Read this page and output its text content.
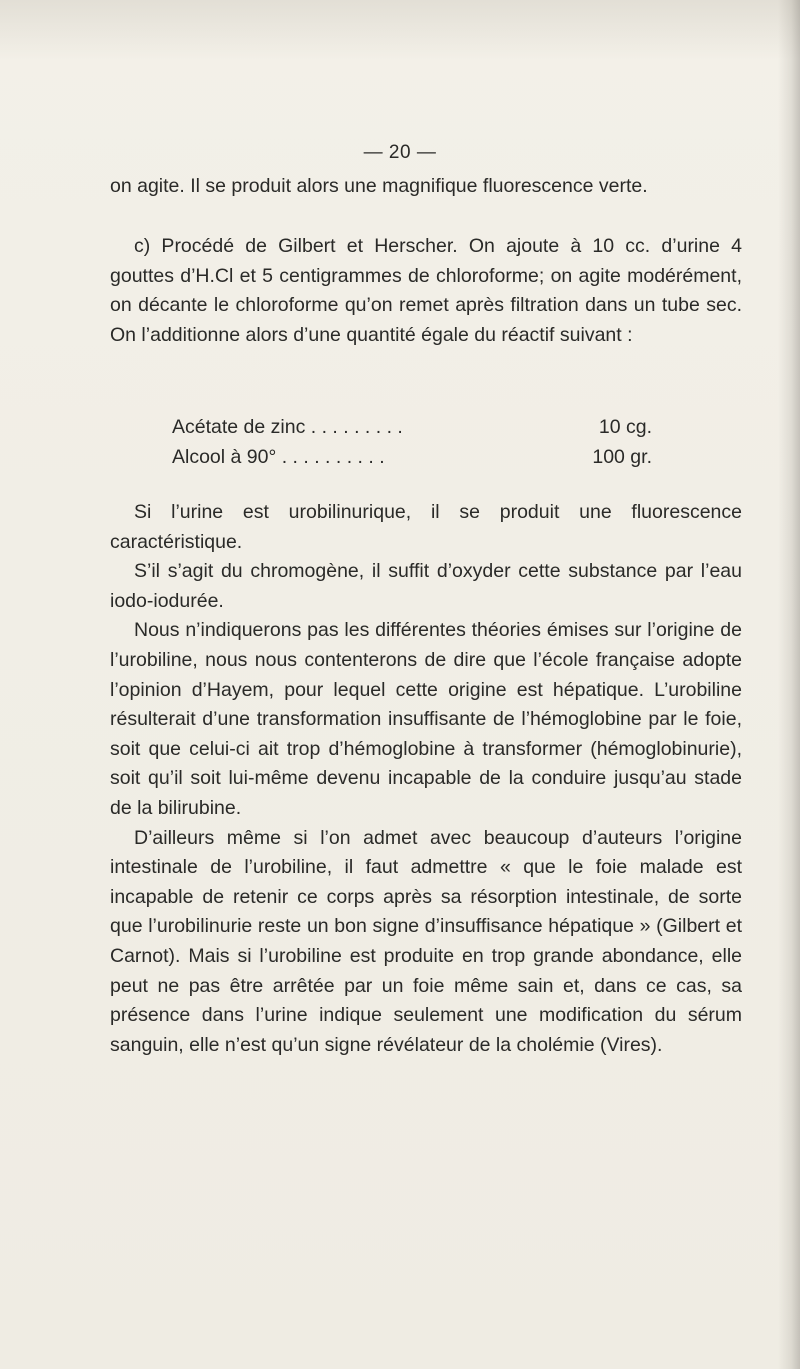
— 20 —

on agite. Il se produit alors une magnifique fluorescence verte.

c) Procédé de Gilbert et Herscher. On ajoute à 10 cc. d’urine 4 gouttes d’H.Cl et 5 centigrammes de chloroforme; on agite modérément, on décante le chloroforme qu’on remet après filtration dans un tube sec. On l’additionne alors d’une quantité égale du réactif suivant :

Acétate de zinc . . . . . . . . .	10 cg.
Alcool à 90° . . . . . . . . . .	100 gr.

Si l’urine est urobilinurique, il se produit une fluorescence caractéristique.

S’il s’agit du chromogène, il suffit d’oxyder cette substance par l’eau iodo-iodurée.

Nous n’indiquerons pas les différentes théories émises sur l’origine de l’urobiline, nous nous contenterons de dire que l’école française adopte l’opinion d’Hayem, pour lequel cette origine est hépatique. L’urobiline résulterait d’une transformation insuffisante de l’hémoglobine par le foie, soit que celui-ci ait trop d’hémoglobine à transformer (hémoglobinurie), soit qu’il soit lui-même devenu incapable de la conduire jusqu’au stade de la bilirubine.

D’ailleurs même si l’on admet avec beaucoup d’auteurs l’origine intestinale de l’urobiline, il faut admettre « que le foie malade est incapable de retenir ce corps après sa résorption intestinale, de sorte que l’urobilinurie reste un bon signe d’insuffisance hépatique » (Gilbert et Carnot). Mais si l’urobiline est produite en trop grande abondance, elle peut ne pas être arrêtée par un foie même sain et, dans ce cas, sa présence dans l’urine indique seulement une modification du sérum sanguin, elle n’est qu’un signe révélateur de la cholémie (Vires).
